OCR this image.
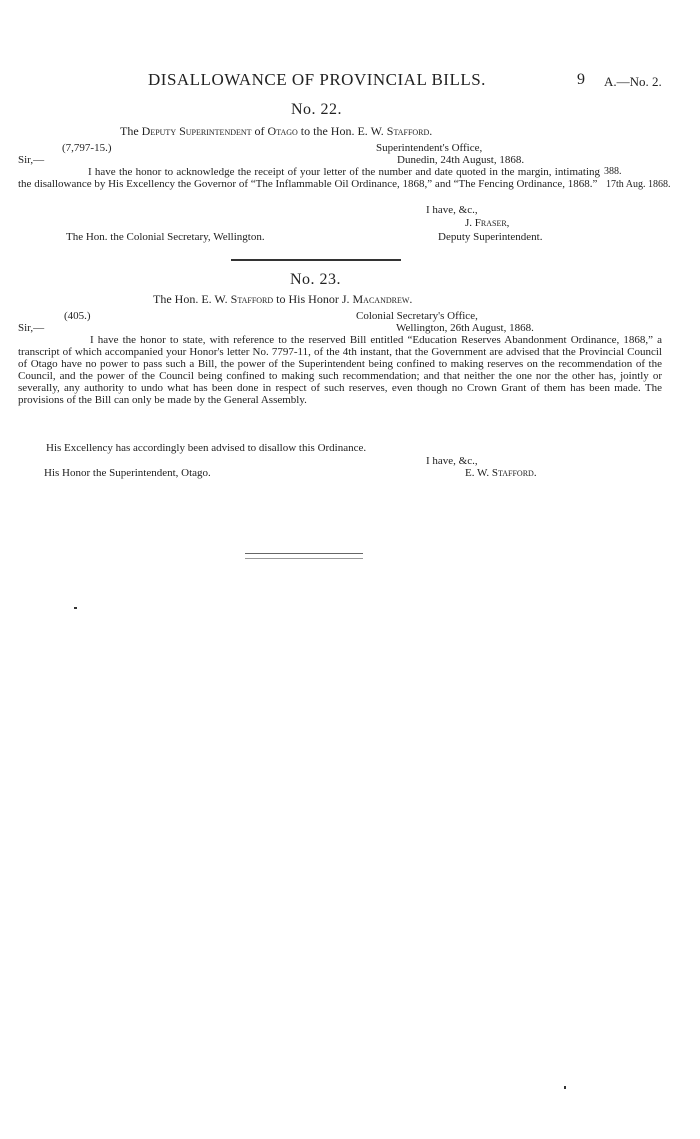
DISALLOWANCE OF PROVINCIAL BILLS.	9 A.—No. 2.
No. 22.
The Deputy Superintendent of Otago to the Hon. E. W. Stafford.
(7,797-15.)	Superintendent's Office,
Sir,—	Dunedin, 24th August, 1868.
388.
17th Aug. 1868.
I have the honor to acknowledge the receipt of your letter of the number and date quoted in the margin, intimating the disallowance by His Excellency the Governor of “The Inflammable Oil Ordinance, 1868,” and “The Fencing Ordinance, 1868.”
I have, &c.,
J. Fraser,
The Hon. the Colonial Secretary, Wellington.	Deputy Superintendent.
No. 23.
The Hon. E. W. Stafford to His Honor J. Macandrew.
(405.)	Colonial Secretary's Office,
Sir,—	Wellington, 26th August, 1868.
I have the honor to state, with reference to the reserved Bill entitled “Education Reserves Abandonment Ordinance, 1868,” a transcript of which accompanied your Honor's letter No. 7797-11, of the 4th instant, that the Government are advised that the Provincial Council of Otago have no power to pass such a Bill, the power of the Superintendent being confined to making reserves on the recommendation of the Council, and the power of the Council being confined to making such recommendation; and that neither the one nor the other has, jointly or severally, any authority to undo what has been done in respect of such reserves, even though no Crown Grant of them has been made. The provisions of the Bill can only be made by the General Assembly.
His Excellency has accordingly been advised to disallow this Ordinance.
I have, &c.,
His Honor the Superintendent, Otago.	E. W. Stafford.
